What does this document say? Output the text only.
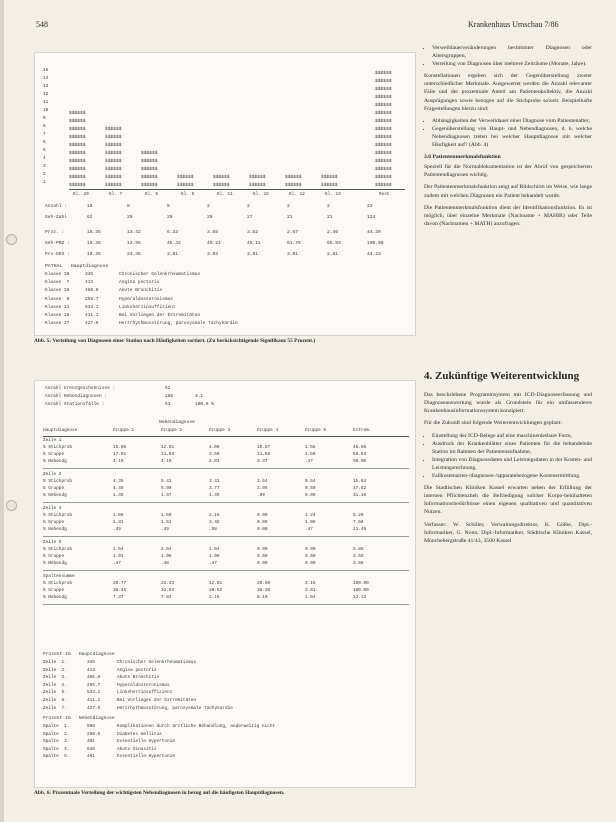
548	Krankenhaus Umschau 7/86
15
14
13
12
11
10
9
8
7
6
5
4
3
2
1
$$$$$$
$$$$$$
$$$$$$
$$$$$$
$$$$$$
$$$$$$
$$$$$$
$$$$$$
$$$$$$
$$$$$$
$$$$$$
$$$$$$
$$$$$$
$$$$$$
$$$$$$
$$$$$$
$$$$$$
$$$$$$
$$$$$$
$$$$$$
$$$$$$
$$$$$$
$$$$$$
$$$$$$
$$$$$$
$$$$$$
$$$$$$
$$$$$$
$$$$$$
$$$$$$
$$$$$$
$$$$$$
$$$$$$
$$$$$$
$$$$$$
$$$$$$
$$$$$$
$$$$$$
$$$$$$
$$$$$$
$$$$$$
$$$$$$
$$$$$$
$$$$$$
$$$$$$
$$$$$$
$$$$$$
$$$$$$
Kl. 20	Kl. 7	Kl. 5	Kl. 9	Kl. 11	Kl. 16	Kl. 12	Kl. 13	Rest
Anzahl :	16	8	5	2	2	2	2	23
Geh-Zahl	62	29	20	20	27	21	21	124
Proz. :	18.35	13.42	6.33	3.55	3.52	2.67	2.46	44.30
Geh-PRZ :	19.35	13.95	46.42	49.24	49.11	51.76	55.93	100.00
Pro-GES :	19.35	23.45	3.81	3.93	3.61	3.01	2.81	44.23
PATHAL   Hauptdiagnose
Klasse 20	345	Chronischer Gelenkrheumatismus
Klasse  7	413	Angina pectoris
Klasse 29	486.0	Akute Bronchitis
Klasse  6	255.7	Hyperaldosteronismus
Klasse 11	533.1	Linksherzinsuffizienz
Klasse 16	411.1	Bei Vorliegen der Extremitäten
Klasse 27	427.9	Herzrhythmusstörung, paroxysmale Tachykardie
Abb. 5: Verteilung von Diagnosen einer Station nach Häufigkeiten sortiert. (Zu berücksichtigende Signifikanz 55 Prozent.)
Anzahl Grenzgeschehnisse :	52
Anzahl Nebendiagnosen :	265	4.1
Anzahl Stationsfälle :	53	100.0 %
Nebendiagnose
Hauptdiagnose	Gruppe 1	Gruppe 2	Gruppe 3	Gruppe 4	Gruppe 5	Extrem.
Zeile 1
% Stichprob	15.98	12.91	4.06	10.87	1.56	46.56
% Gruppe	17.91	11.93	3.58	11.58	1.58	58.53
% Nebendg	4.19	4.19	2.01	3.37	.47	50.00
Zeile 2
% Stichprob	4.35	5.41	3.41	3.54	0.54	15.64
% Gruppe	4.45	5.90	3.77	3.95	0.59	17.82
% Nebendg	1.45	1.97	1.45	.99	0.00	31.16
Zeile 4
% Stichprob	1.06	1.59	2.16	0.00	1.24	5.29
% Gruppe	1.31	1.51	3.45	0.00	1.06	7.58
% Nebendg	.49	.49	.58	0.00	.47	11.49
Zeile 5
% Stichprob	1.54	2.04	1.04	0.00	0.00	2.86
% Gruppe	1.91	1.96	1.99	0.00	0.00	3.55
% Nebendg	.47	.48	.47	0.00	0.00	3.66
Spaltensumme
% Stichprob	20.77	22.43	12.01	20.50	3.15	100.00
% Gruppe	36.45	32.84	20.52	36.20	3.61	100.00
% Nebendg	7.37	7.84	2.16	8.10	1.04	13.13
Prozent 1%   Hauptdiagnose
Zeile  1.	345	Chronischer Gelenkrheumatismus
Zeile  2.	413	Angina pectoris
Zeile  3.	486.0	Akute Bronchitis
Zeile  4.	255.7	Hyperaldosteronismus
Zeile  5.	533.1	Linksherzinsuffizienz
Zeile  6.	411.1	Bei Vorliegen der Extremitäten
Zeile  7.	427.9	Herzrhythmusstörung, paroxysmale Tachykardie
Prozent 1%   Nebendiagnose
Spalte  1.	998	Komplikationen durch ärztliche Behandlung, anderweitig nicht
Spalte  2.	250.9	Diabetes mellitus
Spalte  3.	401	Essentielle Hypertonie
Spalte  4.	648	Akute Sinusitis
Spalte  5.	401	Essentielle Hypertonie
Abb. 6: Prozentuale Verteilung der wichtigsten Nebendiagnosen in bezug auf die häufigsten Hauptdiagnosen.
• Verweildauerveränderungen bestimmter Diagnosen oder Altersgruppen,
• Verteilung von Diagnosen über mehrere Zeiträume (Monate, Jahre).

Konstellationen ergeben sich der Gegenüberstellung zweier unterschiedlicher Merkmale. Ausgewertet werden die Anzahl relevanter Fälle und der prozentuale Anteil am Patientenkollektiv, die Anzahl Ausprägungen sowie bezogen auf die Stichprobe soweit. Beispielhafte Fragestellungen hierzu sind:

• Abhängigkeiten der Verweildauer einer Diagnose vom Patientenalter,
• Gegenüberstellung von Haupt- und Nebendiagnosen, d. h. welche Nebendiagnosen treten bei welcher Hauptdiagnose mit welcher Häufigkeit auf? (Abb. 4)
3.6 Patientenmerkmalsfunktion

Speziell für die Normaldokumentation ist der Abruf von gespeicherten Patientendiagnosen wichtig.

Der Patientenmerkmalsfunktion zeigt auf Bildschirm im Weise, wie lange zudem mit welchen Diagnosen ein Patient behandelt wurde.

Die Patientenmerkmalsfunktion dient der Identifikationsfunktion. Es ist möglich, über einzelne Merkmale (Nachname + MAHIR) oder Teile davon (Nachnamen + MATH) anzufragen.

4. Zukünftige Weiterentwicklung

Das beschriebene Programmsystem mit ICD-Diagnoseerfassung und Diagnoseauswertung wurde als Grundstein für ein umfassenderes Krankenhausinformationssystem konzipiert.

Für die Zukunft sind folgende Weiterentwicklungen geplant:

• Einstellung der ICD-Belege auf eine maschinenlesbare Form,
• Ausdruck der Krankenblätter eines Patienten für die behandelnde Station im Rahmen der Patientenaufnahme,
• Integration von Diagnosedaten und Leistungsdaten in der Kosten- und Leistungsrechnung,
• Fallkostenarten-/diagnosen-/apparatebezogene Kostenermittlung.

Die Stadtischen Kliniken Kassel erwarten neben der Erfüllung der internen Pflichtenzheh die Befriedigung solcher Korpo-beinhalteten Informationsbedürfnisse einen eigenen qualitativen und quantitativen Nutzen.

Verfasser: W. Schiller, Verwaltungsdirektor, K. Gölbe, Dipl.-Informatiker, G. Nonn, Dipl.-Informatiker, Städtische Kliniken Kassel, Mönchebergstraße 41/43, 3500 Kassel
